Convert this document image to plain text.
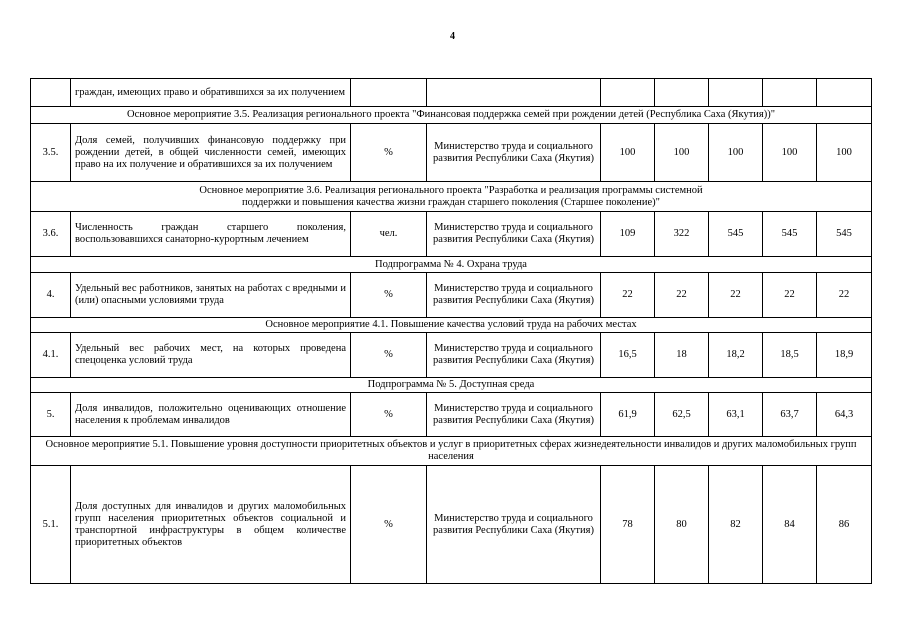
4
	граждан, имеющих право и обратившихся за их получением							
Основное мероприятие 3.5. Реализация регионального проекта "Финансовая поддержка семей при рождении детей (Республика Саха (Якутия))"								
3.5.	Доля семей, получивших финансовую поддержку при рождении детей, в общей численности семей, имеющих право на их получение и обратившихся за их получением	%	Министерство труда и социального развития Республики Саха (Якутия)	100	100	100	100	100
Основное мероприятие 3.6. Реализация регионального проекта "Разработка и реализация программы системной поддержки и повышения качества жизни граждан старшего поколения (Старшее поколение)"								
3.6.	Численность граждан старшего поколения, воспользовавшихся санаторно-курортным лечением	чел.	Министерство труда и социального развития Республики Саха (Якутия)	109	322	545	545	545
Подпрограмма № 4. Охрана труда								
4.	Удельный вес работников, занятых на работах с вредными и (или) опасными условиями труда	%	Министерство труда и социального развития Республики Саха (Якутия)	22	22	22	22	22
Основное мероприятие 4.1. Повышение качества условий труда на рабочих местах								
4.1.	Удельный вес рабочих мест, на которых проведена спецоценка условий труда	%	Министерство труда и социального развития Республики Саха (Якутия)	16,5	18	18,2	18,5	18,9
Подпрограмма № 5. Доступная среда								
5.	Доля инвалидов, положительно оценивающих отношение населения к проблемам инвалидов	%	Министерство труда и социального развития Республики Саха (Якутия)	61,9	62,5	63,1	63,7	64,3
Основное мероприятие 5.1. Повышение уровня доступности приоритетных объектов и услуг в приоритетных сферах жизнедеятельности инвалидов и других маломобильных групп населения								
5.1.	Доля доступных для инвалидов и других маломобильных групп населения приоритетных объектов социальной и транспортной инфраструктуры в общем количестве приоритетных объектов	%	Министерство труда и социального развития Республики Саха (Якутия)	78	80	82	84	86
